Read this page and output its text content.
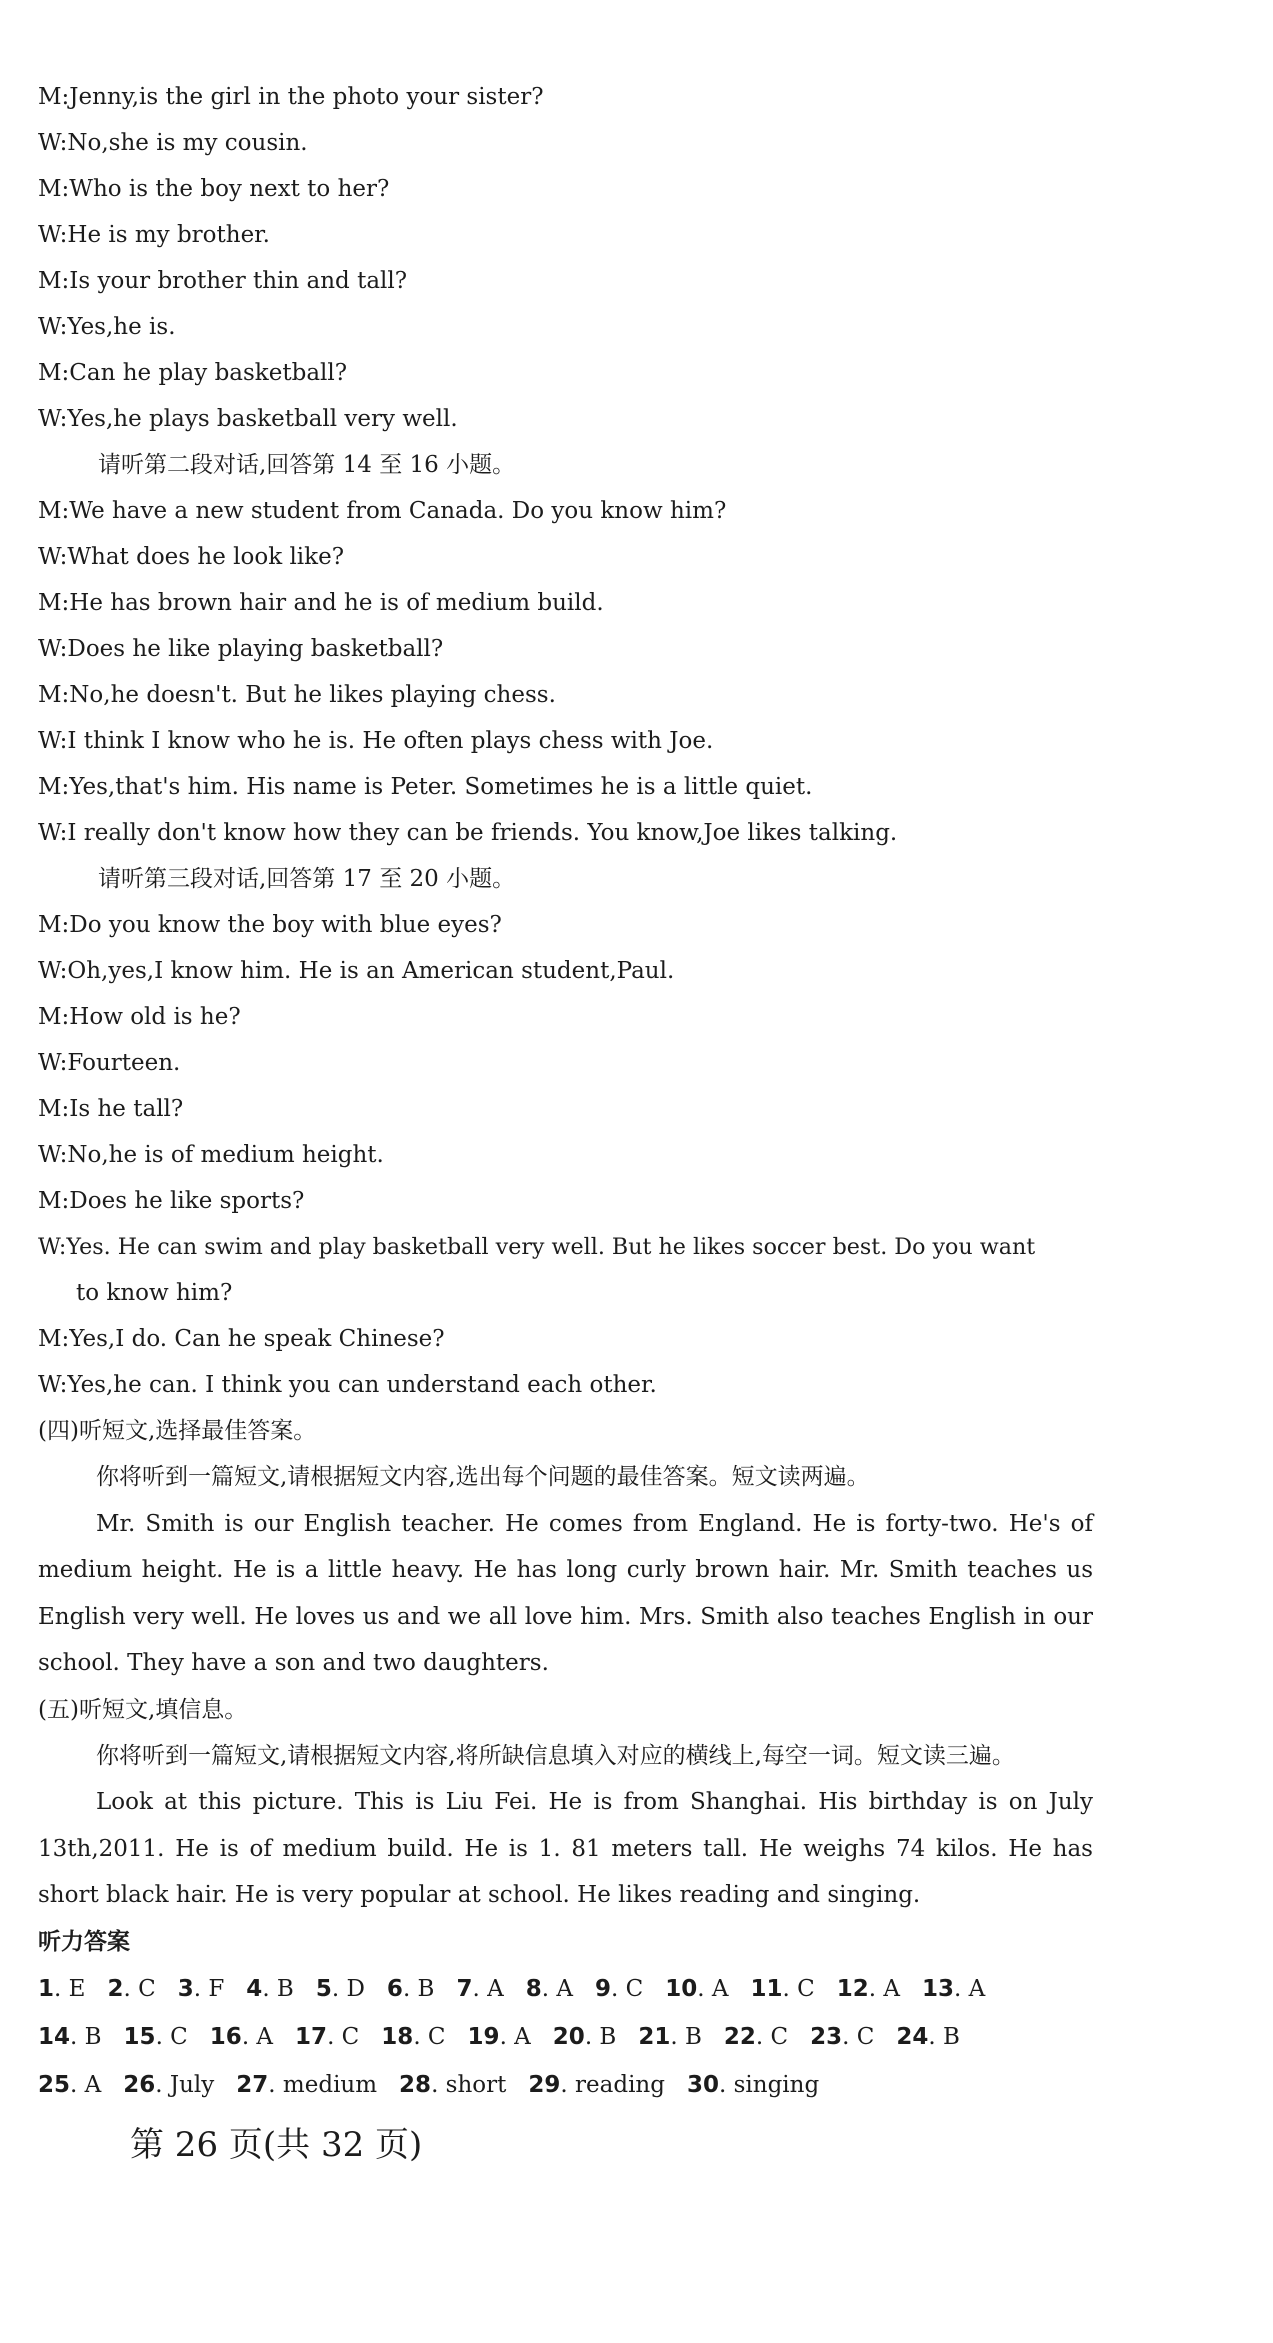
M:Jenny,is the girl in the photo your sister?
W:No,she is my cousin.
M:Who is the boy next to her?
W:He is my brother.
M:Is your brother thin and tall?
W:Yes,he is.
M:Can he play basketball?
W:Yes,he plays basketball very well.
请听第二段对话,回答第 14 至 16 小题。
M:We have a new student from Canada. Do you know him?
W:What does he look like?
M:He has brown hair and he is of medium build.
W:Does he like playing basketball?
M:No,he doesn't. But he likes playing chess.
W:I think I know who he is. He often plays chess with Joe.
M:Yes,that's him. His name is Peter. Sometimes he is a little quiet.
W:I really don't know how they can be friends. You know,Joe likes talking.
请听第三段对话,回答第 17 至 20 小题。
M:Do you know the boy with blue eyes?
W:Oh,yes,I know him. He is an American student,Paul.
M:How old is he?
W:Fourteen.
M:Is he tall?
W:No,he is of medium height.
M:Does he like sports?
W:Yes. He can swim and play basketball very well. But he likes soccer best. Do you want
to know him?
M:Yes,I do. Can he speak Chinese?
W:Yes,he can. I think you can understand each other.
(四)听短文,选择最佳答案。

你将听到一篇短文,请根据短文内容,选出每个问题的最佳答案。短文读两遍。

Mr. Smith is our English teacher. He comes from England. He is forty-two. He's of medium height. He is a little heavy. He has long curly brown hair. Mr. Smith teaches us English very well. He loves us and we all love him. Mrs. Smith also teaches English in our school. They have a son and two daughters.

(五)听短文,填信息。

你将听到一篇短文,请根据短文内容,将所缺信息填入对应的横线上,每空一词。短文读三遍。

Look at this picture. This is Liu Fei. He is from Shanghai. His birthday is on July 13th,2011. He is of medium build. He is 1. 81 meters tall. He weighs 74 kilos. He has short black hair. He is very popular at school. He likes reading and singing.

听力答案
1. E 2. C 3. F 4. B 5. D 6. B 7. A 8. A 9. C 10. A 11. C 12. A 13. A
14. B 15. C 16. A 17. C 18. C 19. A 20. B 21. B 22. C 23. C 24. B
25. A 26. July 27. medium 28. short 29. reading 30. singing
第 26 页(共 32 页)
